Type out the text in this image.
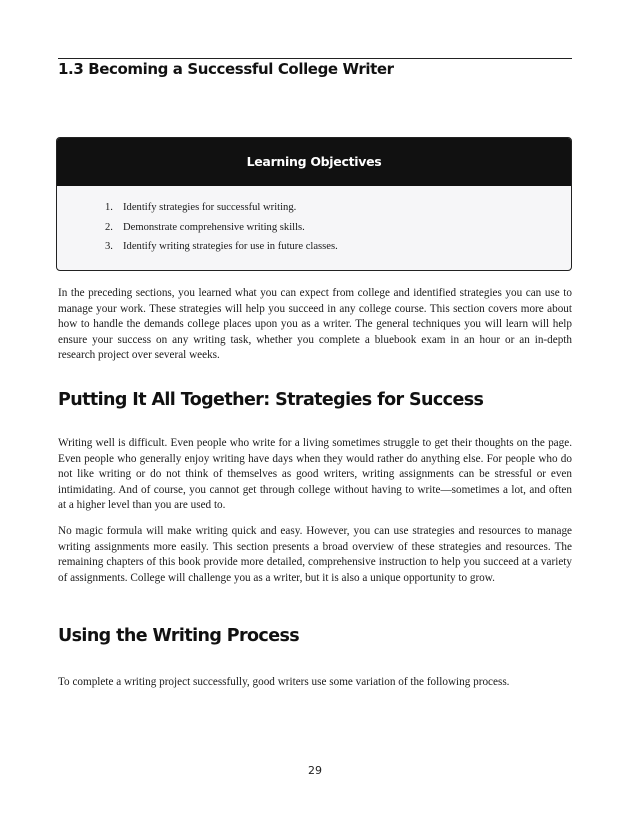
1.3 Becoming a Successful College Writer
Learning Objectives
1. Identify strategies for successful writing.
2. Demonstrate comprehensive writing skills.
3. Identify writing strategies for use in future classes.

In the preceding sections, you learned what you can expect from college and identified strategies you can use to manage your work. These strategies will help you succeed in any college course. This section covers more about how to handle the demands college places upon you as a writer. The general techniques you will learn will help ensure your success on any writing task, whether you complete a bluebook exam in an hour or an in-depth research project over several weeks.

Putting It All Together: Strategies for Success

Writing well is difficult. Even people who write for a living sometimes struggle to get their thoughts on the page. Even people who generally enjoy writing have days when they would rather do anything else. For people who do not like writing or do not think of themselves as good writers, writing assignments can be stressful or even intimidating. And of course, you cannot get through college without having to write—sometimes a lot, and often at a higher level than you are used to.

No magic formula will make writing quick and easy. However, you can use strategies and resources to manage writing assignments more easily. This section presents a broad overview of these strategies and resources. The remaining chapters of this book provide more detailed, comprehensive instruction to help you succeed at a variety of assignments. College will challenge you as a writer, but it is also a unique opportunity to grow.

Using the Writing Process

To complete a writing project successfully, good writers use some variation of the following process.

29
